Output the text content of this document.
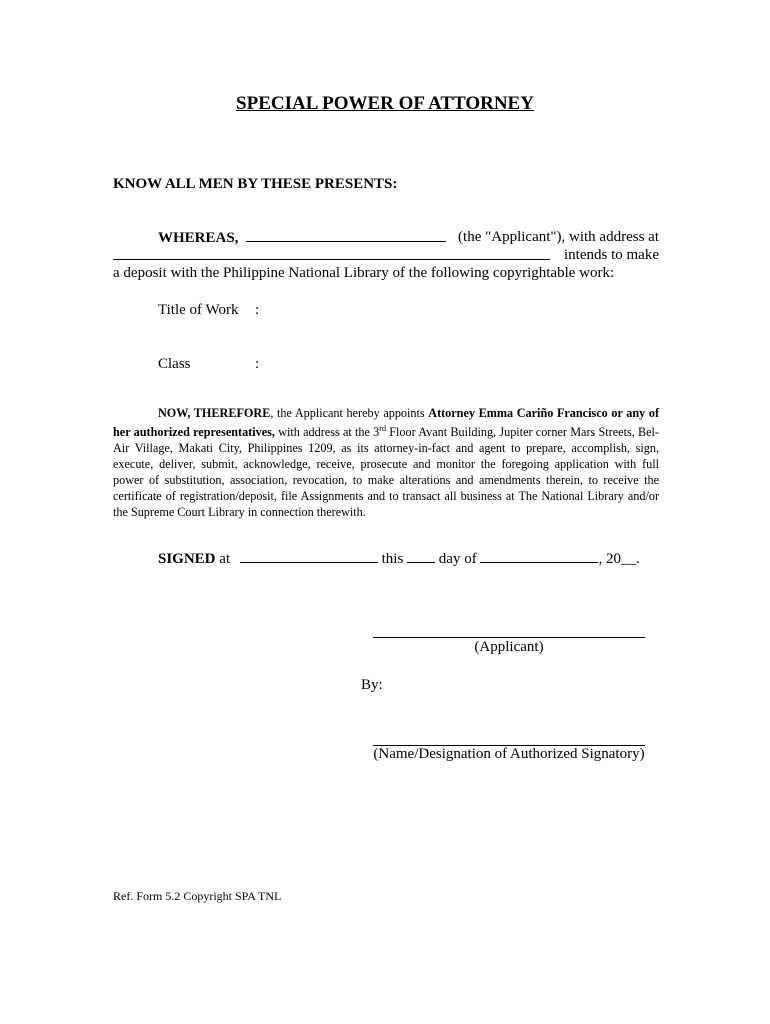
SPECIAL POWER OF ATTORNEY
KNOW ALL MEN BY THESE PRESENTS:
WHEREAS,	(the "Applicant"), with address at
intends to make
a deposit with the Philippine National Library of the following copyrightable work:
Title of Work :
Class	:
NOW, THEREFORE, the Applicant hereby appoints Attorney Emma Cariño Francisco or any of her authorized representatives, with address at the 3rd Floor Avant Building, Jupiter corner Mars Streets, Bel-Air Village, Makati City, Philippines 1209, as its attorney-in-fact and agent to prepare, accomplish, sign, execute, deliver, submit, acknowledge, receive, prosecute and monitor the foregoing application with full power of substitution, association, revocation, to make alterations and amendments therein, to receive the certificate of registration/deposit, file Assignments and to transact all business at The National Library and/or the Supreme Court Library in connection therewith.
SIGNED at	this day of	, 20__.
(Applicant)
By:
(Name/Designation of Authorized Signatory)
Ref. Form 5.2 Copyright SPA TNL
